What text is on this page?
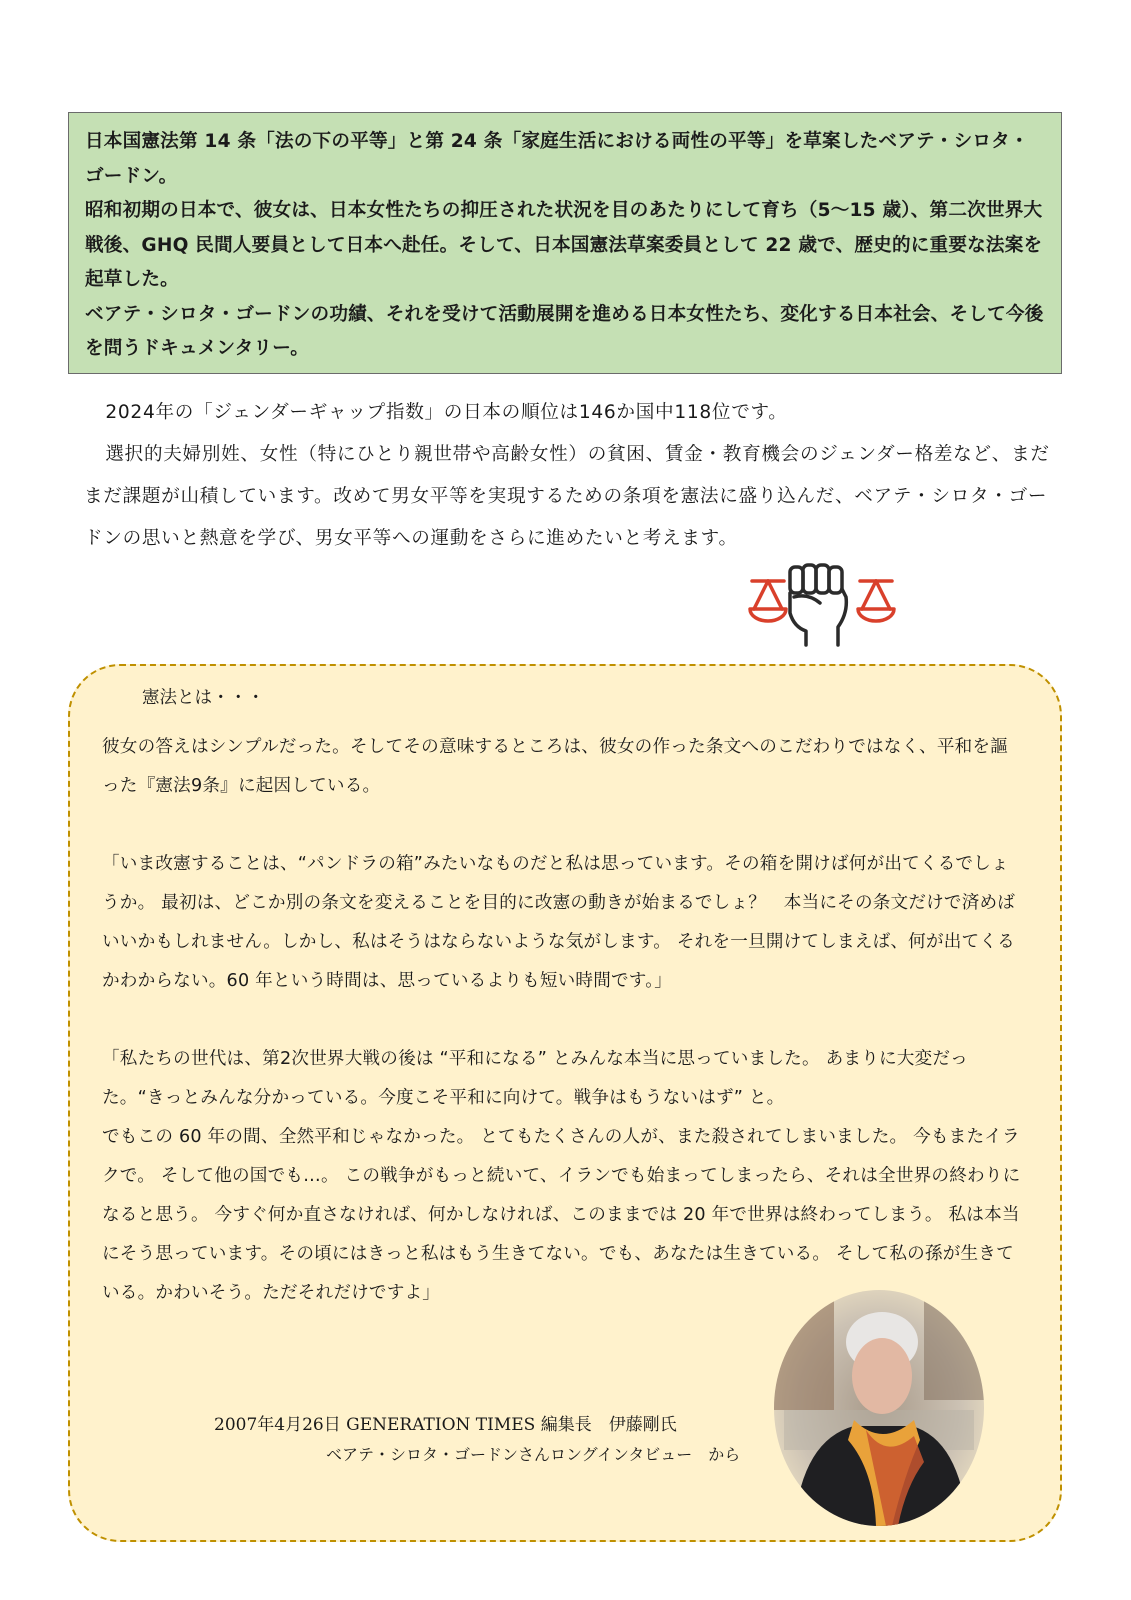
日本国憲法第 14 条「法の下の平等」と第 24 条「家庭生活における両性の平等」を草案したベアテ・シロタ・ゴードン。

昭和初期の日本で、彼女は、日本女性たちの抑圧された状況を目のあたりにして育ち（5～15 歳）、第二次世界大戦後、GHQ 民間人要員として日本へ赴任。そして、日本国憲法草案委員として 22 歳で、歴史的に重要な法案を起草した。

ベアテ・シロタ・ゴードンの功績、それを受けて活動展開を進める日本女性たち、変化する日本社会、そして今後を問うドキュメンタリー。

2024年の「ジェンダーギャップ指数」の日本の順位は146か国中118位です。

選択的夫婦別姓、女性（特にひとり親世帯や高齢女性）の貧困、賃金・教育機会のジェンダー格差など、まだまだ課題が山積しています。改めて男女平等を実現するための条項を憲法に盛り込んだ、ベアテ・シロタ・ゴードンの思いと熱意を学び、男女平等への運動をさらに進めたいと考えます。

憲法とは・・・

彼女の答えはシンプルだった。そしてその意味するところは、彼女の作った条文へのこだわりではなく、平和を謳った『憲法9条』に起因している。

「いま改憲することは、“パンドラの箱”みたいなものだと私は思っています。その箱を開けば何が出てくるでしょうか。 最初は、どこか別の条文を変えることを目的に改憲の動きが始まるでしょ？　本当にその条文だけで済めばいいかもしれません。しかし、私はそうはならないような気がします。 それを一旦開けてしまえば、何が出てくるかわからない。60 年という時間は、思っているよりも短い時間です。」

「私たちの世代は、第2次世界大戦の後は “平和になる” とみんな本当に思っていました。 あまりに大変だった。“きっとみんな分かっている。今度こそ平和に向けて。戦争はもうないはず” と。

でもこの 60 年の間、全然平和じゃなかった。 とてもたくさんの人が、また殺されてしまいました。 今もまたイラクで。 そして他の国でも…。 この戦争がもっと続いて、イランでも始まってしまったら、それは全世界の終わりになると思う。 今すぐ何か直さなければ、何かしなければ、このままでは 20 年で世界は終わってしまう。 私は本当にそう思っています。その頃にはきっと私はもう生きてない。でも、あなたは生きている。 そして私の孫が生きている。かわいそう。ただそれだけですよ」

2007年4月26日 GENERATION TIMES 編集長　伊藤剛氏

ベアテ・シロタ・ゴードンさんロングインタビュー　から
